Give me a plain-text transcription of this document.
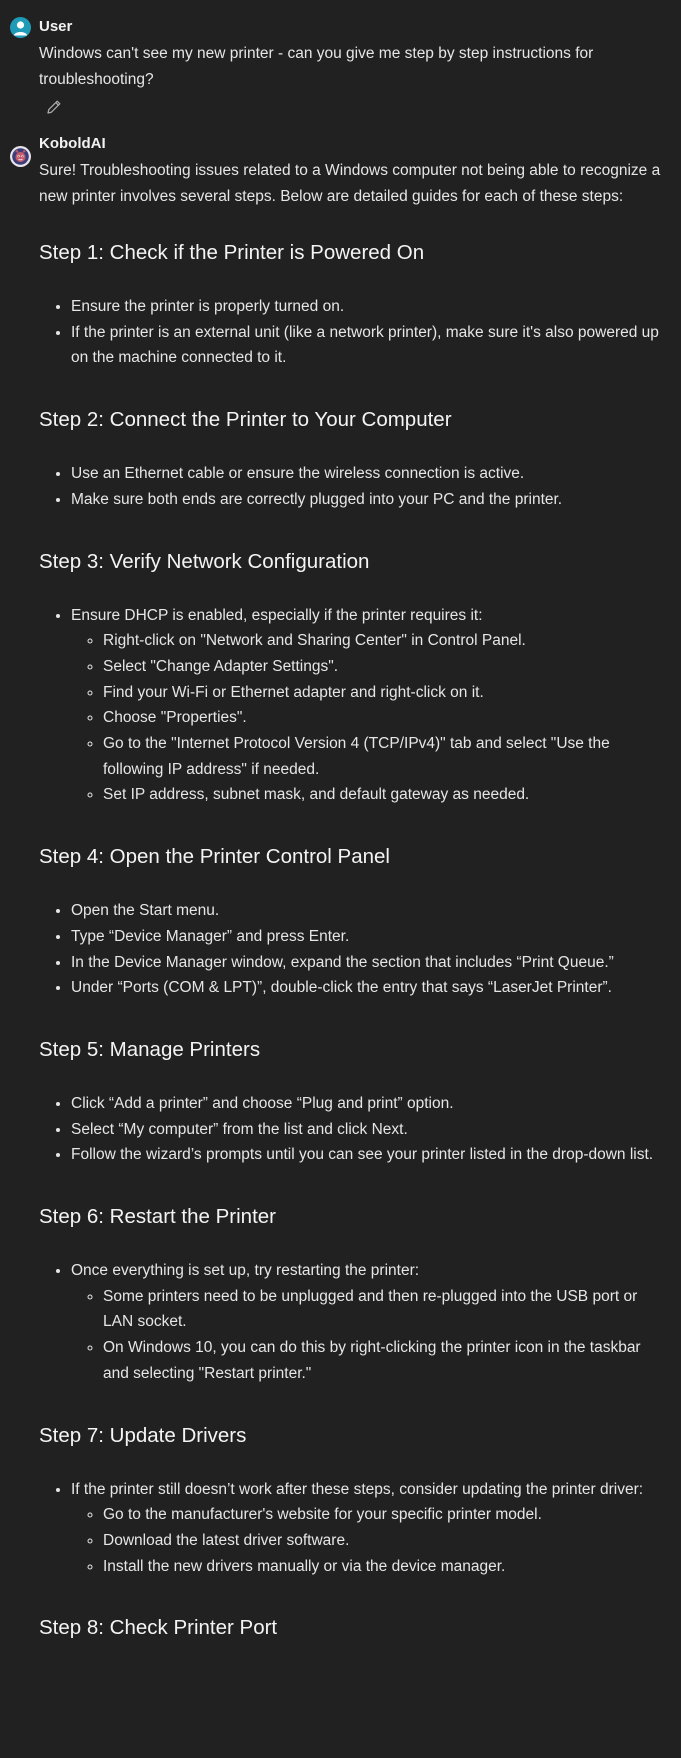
User

Windows can't see my new printer - can you give me step by step instructions for troubleshooting?

KoboldAI

Sure! Troubleshooting issues related to a Windows computer not being able to recognize a new printer involves several steps. Below are detailed guides for each of these steps:

Step 1: Check if the Printer is Powered On
• Ensure the printer is properly turned on.
• If the printer is an external unit (like a network printer), make sure it's also powered up on the machine connected to it.
Step 2: Connect the Printer to Your Computer
• Use an Ethernet cable or ensure the wireless connection is active.
• Make sure both ends are correctly plugged into your PC and the printer.
Step 3: Verify Network Configuration
• Ensure DHCP is enabled, especially if the printer requires it:
◦ Right-click on "Network and Sharing Center" in Control Panel.
◦ Select "Change Adapter Settings".
◦ Find your Wi-Fi or Ethernet adapter and right-click on it.
◦ Choose "Properties".
◦ Go to the "Internet Protocol Version 4 (TCP/IPv4)" tab and select "Use the following IP address" if needed.
◦ Set IP address, subnet mask, and default gateway as needed.
Step 4: Open the Printer Control Panel
• Open the Start menu.
• Type “Device Manager” and press Enter.
• In the Device Manager window, expand the section that includes “Print Queue.”
• Under “Ports (COM & LPT)”, double-click the entry that says “LaserJet Printer”.
Step 5: Manage Printers
• Click “Add a printer” and choose “Plug and print” option.
• Select “My computer” from the list and click Next.
• Follow the wizard’s prompts until you can see your printer listed in the drop-down list.
Step 6: Restart the Printer
• Once everything is set up, try restarting the printer:
◦ Some printers need to be unplugged and then re-plugged into the USB port or LAN socket.
◦ On Windows 10, you can do this by right-clicking the printer icon in the taskbar and selecting "Restart printer."
Step 7: Update Drivers
• If the printer still doesn’t work after these steps, consider updating the printer driver:
◦ Go to the manufacturer's website for your specific printer model.
◦ Download the latest driver software.
◦ Install the new drivers manually or via the device manager.
Step 8: Check Printer Port
